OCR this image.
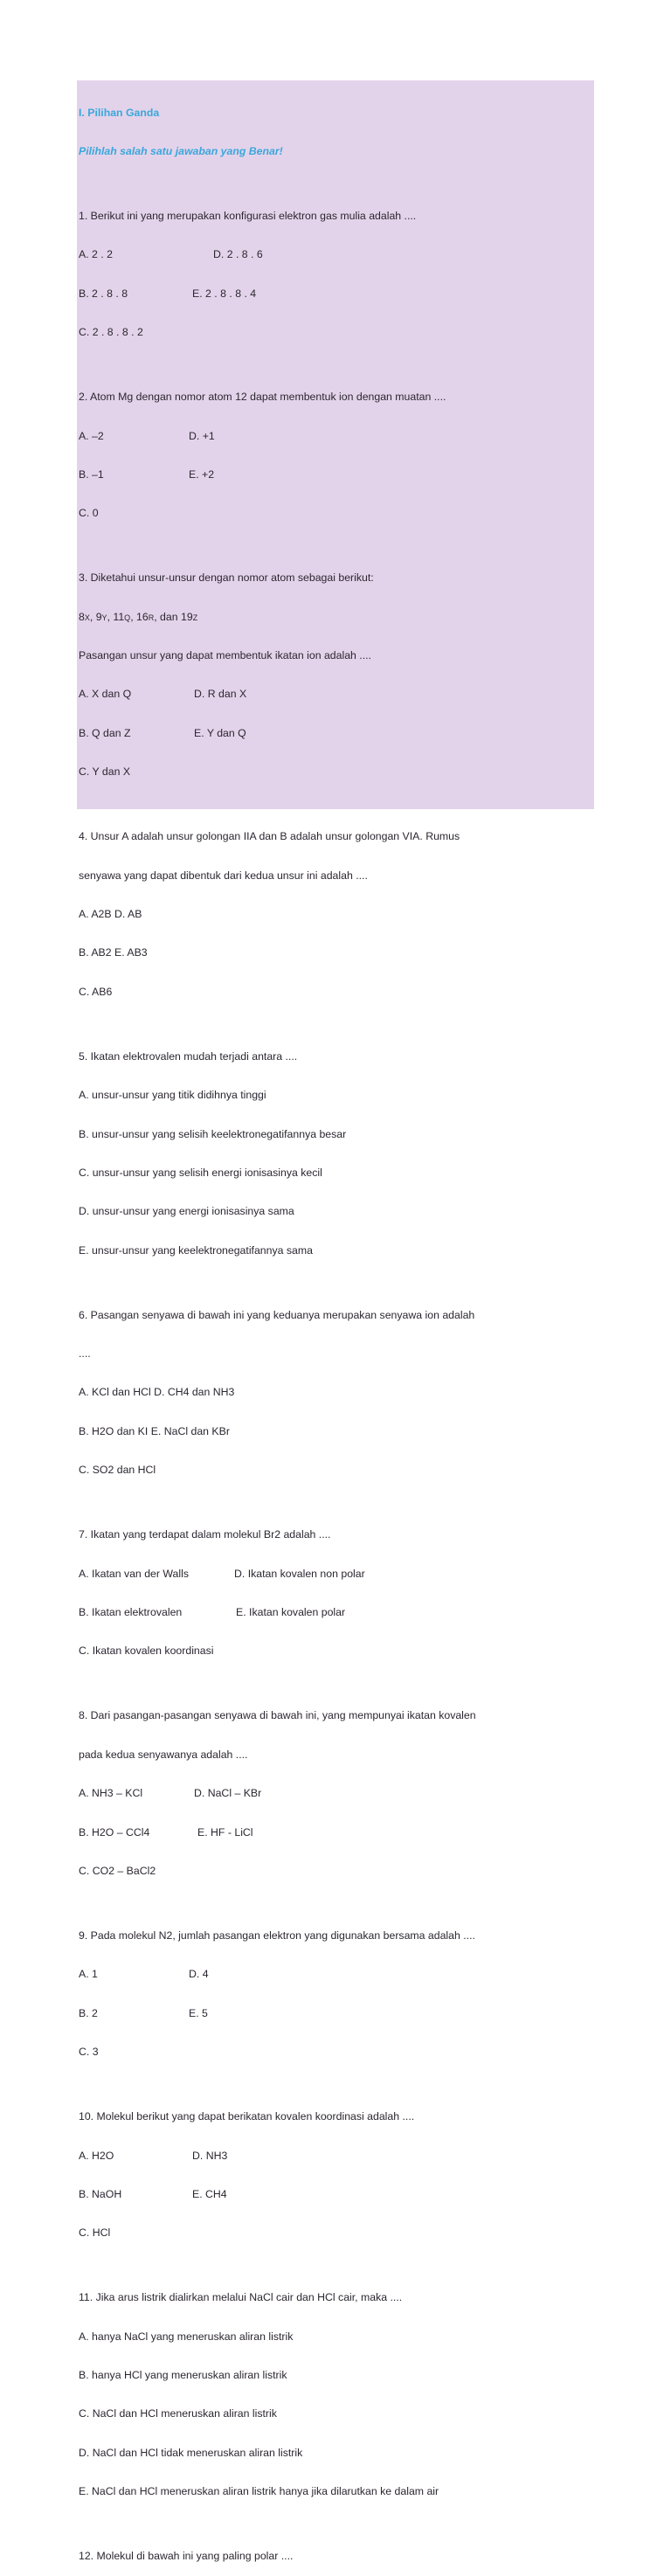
I. Pilihan Ganda

Pilihlah salah satu jawaban yang Benar!

1. Berikut ini yang merupakan konfigurasi elektron gas mulia adalah ....

A. 2 . 2	D. 2 . 8 . 6

B. 2 . 8 . 8	E. 2 . 8 . 8 . 4

C. 2 . 8 . 8 . 2

2. Atom Mg dengan nomor atom 12 dapat membentuk ion dengan muatan ....

A. –2	D. +1

B. –1	E. +2

C. 0

3. Diketahui unsur-unsur dengan nomor atom sebagai berikut:

8X, 9Y, 11Q, 16R, dan 19Z

Pasangan unsur yang dapat membentuk ikatan ion adalah ....

A. X dan Q	D. R dan X

B. Q dan Z	E. Y dan Q

C. Y dan X

4. Unsur A adalah unsur golongan IIA dan B adalah unsur golongan VIA. Rumus

senyawa yang dapat dibentuk dari kedua unsur ini adalah ....

A. A2B D. AB

B. AB2 E. AB3

C. AB6

5. Ikatan elektrovalen mudah terjadi antara ....

A. unsur-unsur yang titik didihnya tinggi

B. unsur-unsur yang selisih keelektronegatifannya besar

C. unsur-unsur yang selisih energi ionisasinya kecil

D. unsur-unsur yang energi ionisasinya sama

E. unsur-unsur yang keelektronegatifannya sama

6. Pasangan senyawa di bawah ini yang keduanya merupakan senyawa ion adalah

....

A. KCl dan HCl D. CH4 dan NH3

B. H2O dan KI E. NaCl dan KBr

C. SO2 dan HCl

7. Ikatan yang terdapat dalam molekul Br2 adalah ....

A. Ikatan van der Walls	D. Ikatan kovalen non polar

B. Ikatan elektrovalen	E. Ikatan kovalen polar

C. Ikatan kovalen koordinasi

8. Dari pasangan-pasangan senyawa di bawah ini, yang mempunyai ikatan kovalen

pada kedua senyawanya adalah ....

A. NH3 – KCl	D. NaCl – KBr

B. H2O – CCl4	E. HF - LiCl

C. CO2 – BaCl2

9. Pada molekul N2, jumlah pasangan elektron yang digunakan bersama adalah ....

A. 1	D. 4

B. 2	E. 5

C. 3

10. Molekul berikut yang dapat berikatan kovalen koordinasi adalah ....

A. H2O	D. NH3

B. NaOH	E. CH4

C. HCl

11. Jika arus listrik dialirkan melalui NaCl cair dan HCl cair, maka ....

A. hanya NaCl yang meneruskan aliran listrik

B. hanya HCl yang meneruskan aliran listrik

C. NaCl dan HCl meneruskan aliran listrik

D. NaCl dan HCl tidak meneruskan aliran listrik

E. NaCl dan HCl meneruskan aliran listrik hanya jika dilarutkan ke dalam air

12. Molekul di bawah ini yang paling polar ....
